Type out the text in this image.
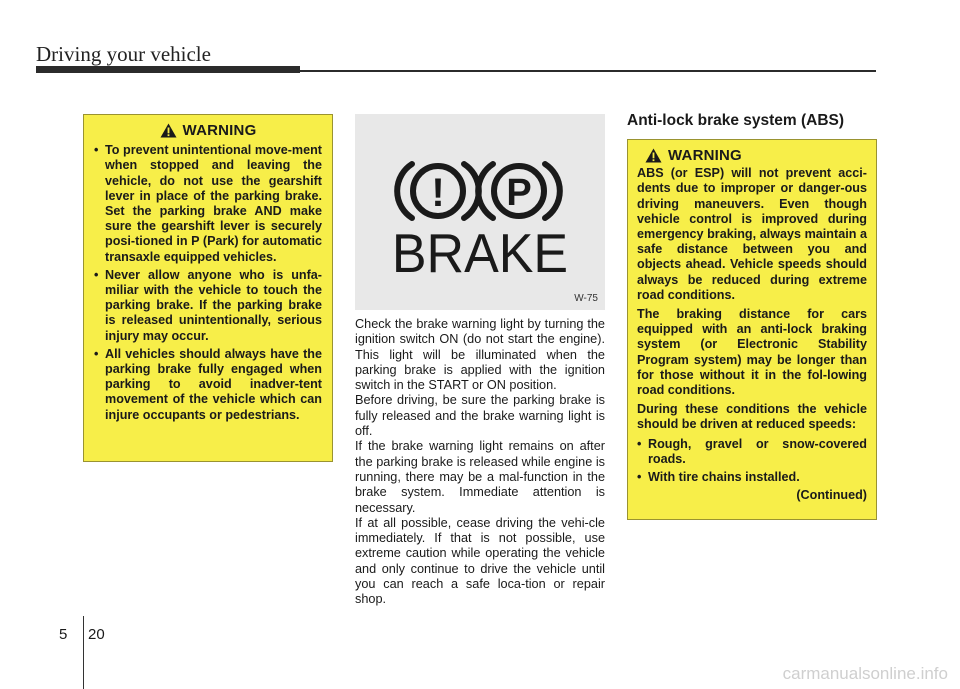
Driving your vehicle
WARNING
• To prevent unintentional move-ment when stopped and leaving the vehicle, do not use the gearshift lever in place of the parking brake. Set the parking brake AND make sure the gearshift lever is securely posi-tioned in P (Park) for automatic transaxle equipped vehicles.
• Never allow anyone who is unfa-miliar with the vehicle to touch the parking brake. If the parking brake is released unintentionally, serious injury may occur.
• All vehicles should always have the parking brake fully engaged when parking to avoid inadver-tent movement of the vehicle which can injure occupants or pedestrians.
! P
BRAKE
W-75

Check the brake warning light by turning the ignition switch ON (do not start the engine). This light will be illuminated when the parking brake is applied with the ignition switch in the START or ON position.

Before driving, be sure the parking brake is fully released and the brake warning light is off.

If the brake warning light remains on after the parking brake is released while engine is running, there may be a mal-function in the brake system. Immediate attention is necessary.

If at all possible, cease driving the vehi-cle immediately. If that is not possible, use extreme caution while operating the vehicle and only continue to drive the vehicle until you can reach a safe loca-tion or repair shop.

Anti-lock brake system (ABS)
WARNING

ABS (or ESP) will not prevent acci-dents due to improper or danger-ous driving maneuvers. Even though vehicle control is improved during emergency braking, always maintain a safe distance between you and objects ahead. Vehicle speeds should always be reduced during extreme road conditions.

The braking distance for cars equipped with an anti-lock braking system (or Electronic Stability Program system) may be longer than for those without it in the fol-lowing road conditions.

During these conditions the vehicle should be driven at reduced speeds:

• Rough, gravel or snow-covered roads.
• With tire chains installed.
(Continued)
5 20
carmanualsonline.info
